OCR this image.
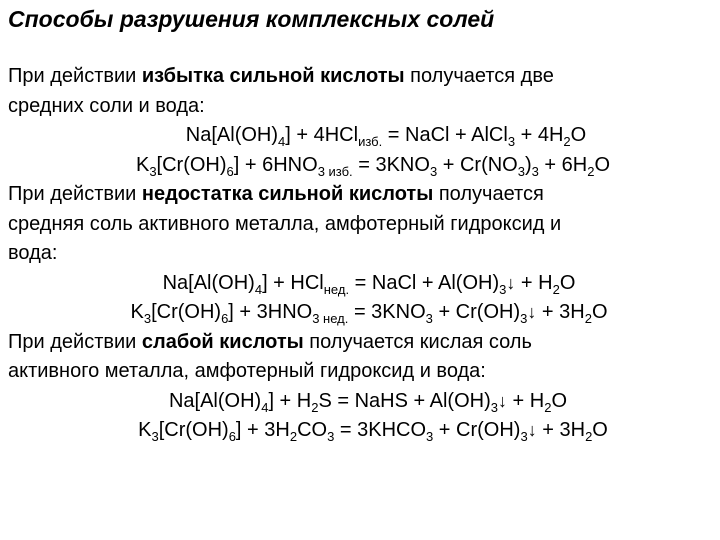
Способы разрушения комплексных солей
При действии избытка сильной кислоты получается две
средних соли и вода:
$Na[Al(OH)_4] + 4HCl_{изб.}$ = NaCl + AlCl$_3$ + $4H_2O$
$K_3[Cr(OH)_6] + 6HNO_{3 изб.} = 3KNO_3 + Cr(NO_3)_3 + 6H_2O$
При действии недостатка сильной кислоты получается
средняя соль активного металла, амфотерный гидроксид и
вода:
$Na[Al(OH)_4] + HCl_{нед.}$ = NaCl + $Al(OH)_3↓ + H_2O$
$K_3[Cr(OH)_6] + 3HNO_{3 нед.} = 3KNO_3$ + $Cr(OH)_3↓ + 3H_2O$
При действии слабой кислоты получается кислая соль
активного металла, амфотерный гидроксид и вода:
$Na[Al(OH)_4] + H_2S$ = NaHS + $Al(OH)_3↓ + H_2O$
$K_3[Cr(OH)_6] + 3H_2CO_3$ = $3KHCO_3$ + $Cr(OH)_3↓ + 3H_2O$
